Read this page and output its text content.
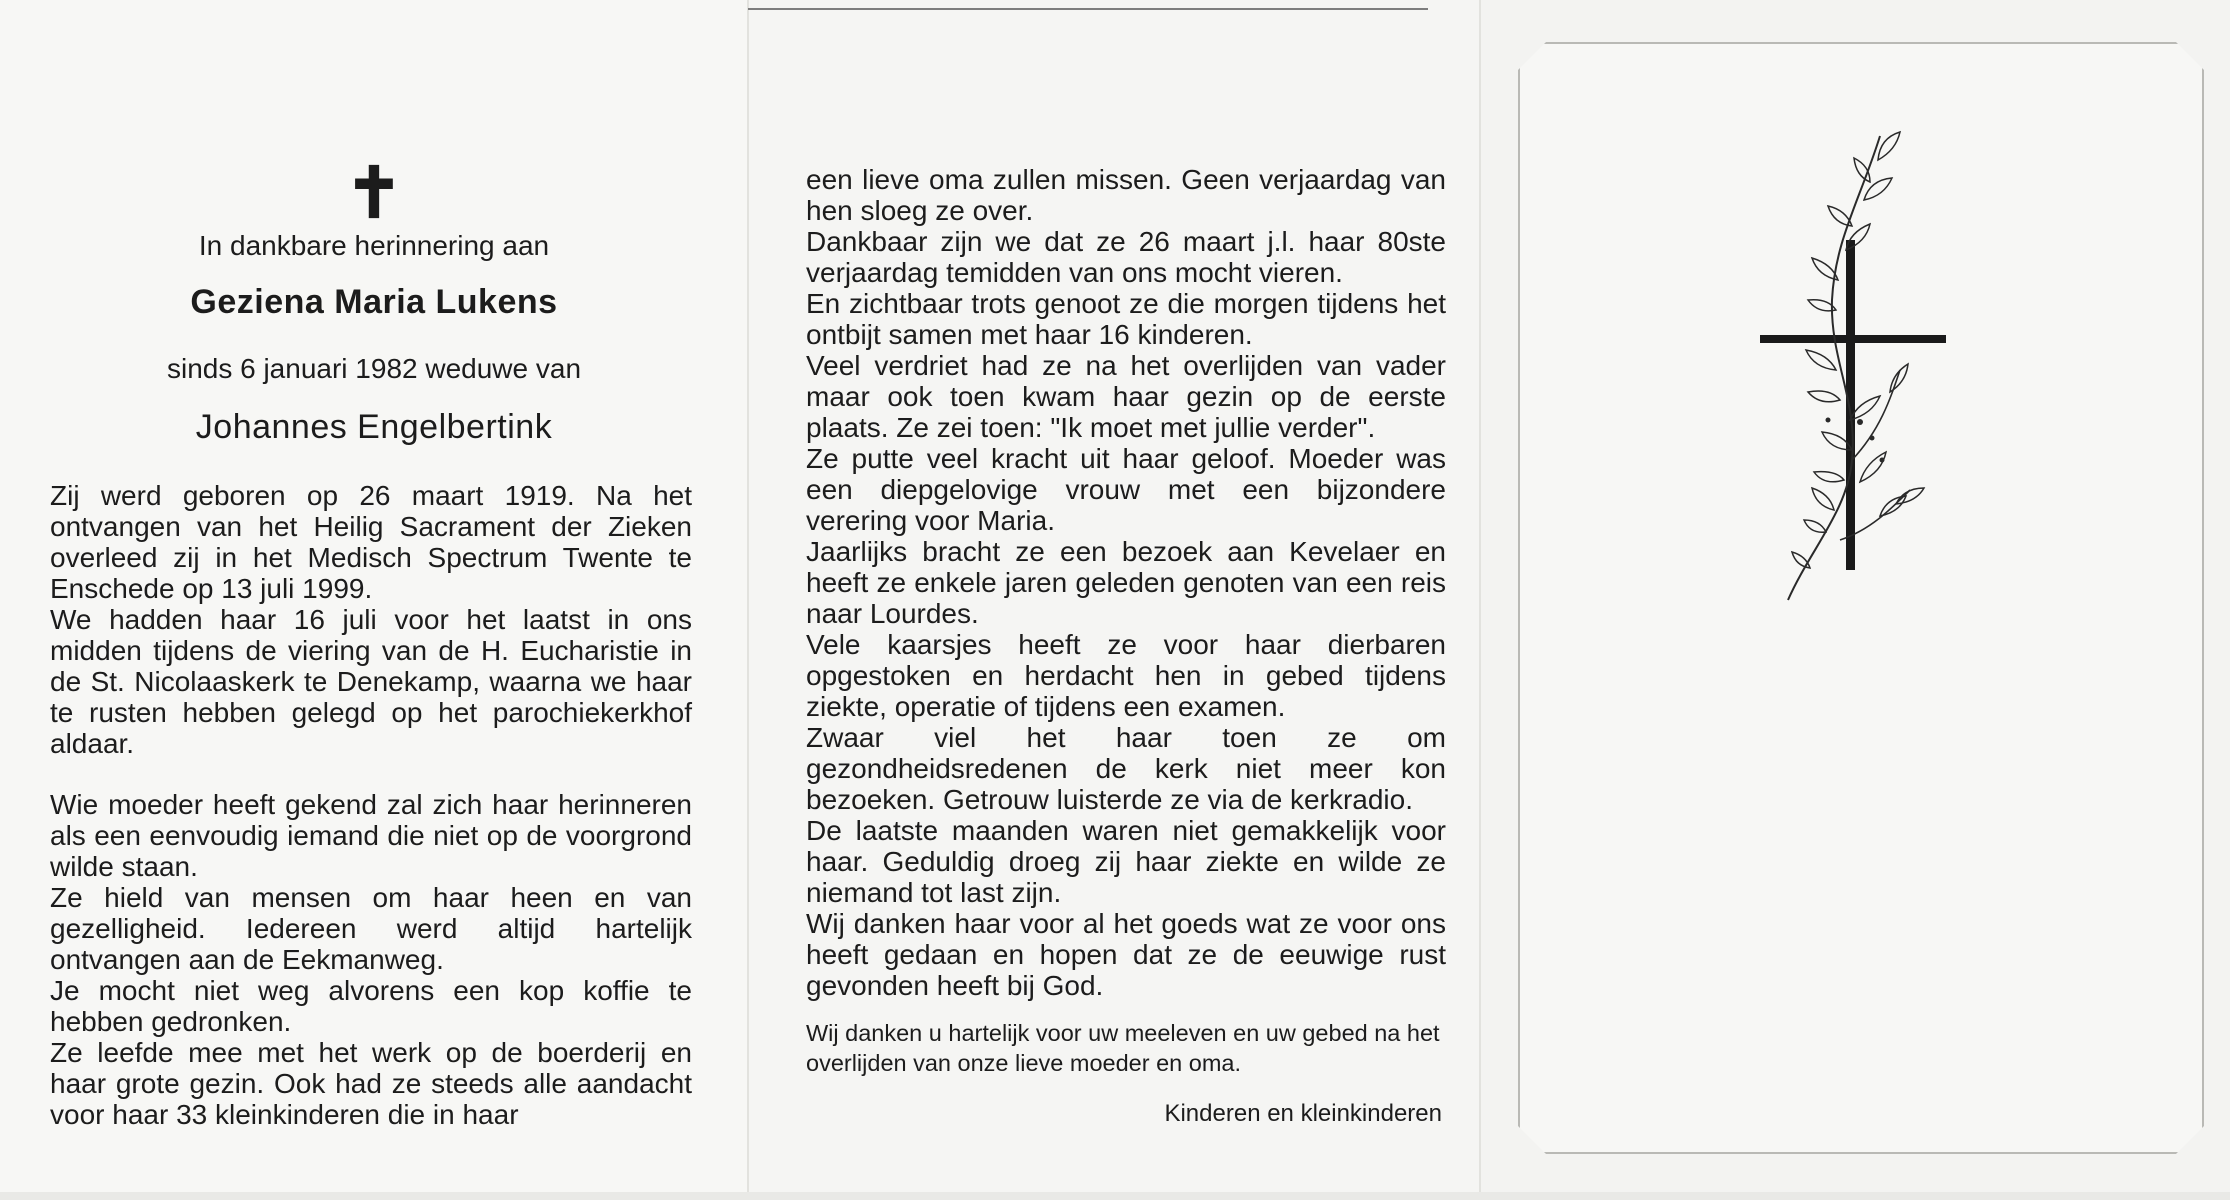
✝
In dankbare herinnering aan
Geziena Maria Lukens
sinds 6 januari 1982 weduwe van
Johannes Engelbertink

Zij werd geboren op 26 maart 1919. Na het ontvangen van het Heilig Sacrament der Zieken overleed zij in het Medisch Spectrum Twente te Enschede op 13 juli 1999.

We hadden haar 16 juli voor het laatst in ons midden tijdens de viering van de H. Eucharistie in de St. Nicolaaskerk te Denekamp, waarna we haar te rusten hebben gelegd op het parochiekerkhof aldaar.

Wie moeder heeft gekend zal zich haar herinneren als een eenvoudig iemand die niet op de voorgrond wilde staan.

Ze hield van mensen om haar heen en van gezelligheid. Iedereen werd altijd hartelijk ontvangen aan de Eekmanweg.

Je mocht niet weg alvorens een kop koffie te hebben gedronken.

Ze leefde mee met het werk op de boerderij en haar grote gezin. Ook had ze steeds alle aandacht voor haar 33 kleinkinderen die in haar

een lieve oma zullen missen. Geen verjaardag van hen sloeg ze over.

Dankbaar zijn we dat ze 26 maart j.l. haar 80ste verjaardag temidden van ons mocht vieren.

En zichtbaar trots genoot ze die morgen tijdens het ontbijt samen met haar 16 kinderen.

Veel verdriet had ze na het overlijden van vader maar ook toen kwam haar gezin op de eerste plaats. Ze zei toen: "Ik moet met jullie verder".

Ze putte veel kracht uit haar geloof. Moeder was een diepgelovige vrouw met een bijzondere verering voor Maria.

Jaarlijks bracht ze een bezoek aan Kevelaer en heeft ze enkele jaren geleden genoten van een reis naar Lourdes.

Vele kaarsjes heeft ze voor haar dierbaren opgestoken en herdacht hen in gebed tijdens ziekte, operatie of tijdens een examen.

Zwaar viel het haar toen ze om gezondheidsredenen de kerk niet meer kon bezoeken. Getrouw luisterde ze via de kerkradio.

De laatste maanden waren niet gemakkelijk voor haar. Geduldig droeg zij haar ziekte en wilde ze niemand tot last zijn.

Wij danken haar voor al het goeds wat ze voor ons heeft gedaan en hopen dat ze de eeuwige rust gevonden heeft bij God.

Wij danken u hartelijk voor uw meeleven en uw gebed na het overlijden van onze lieve moeder en oma.
Kinderen en kleinkinderen
